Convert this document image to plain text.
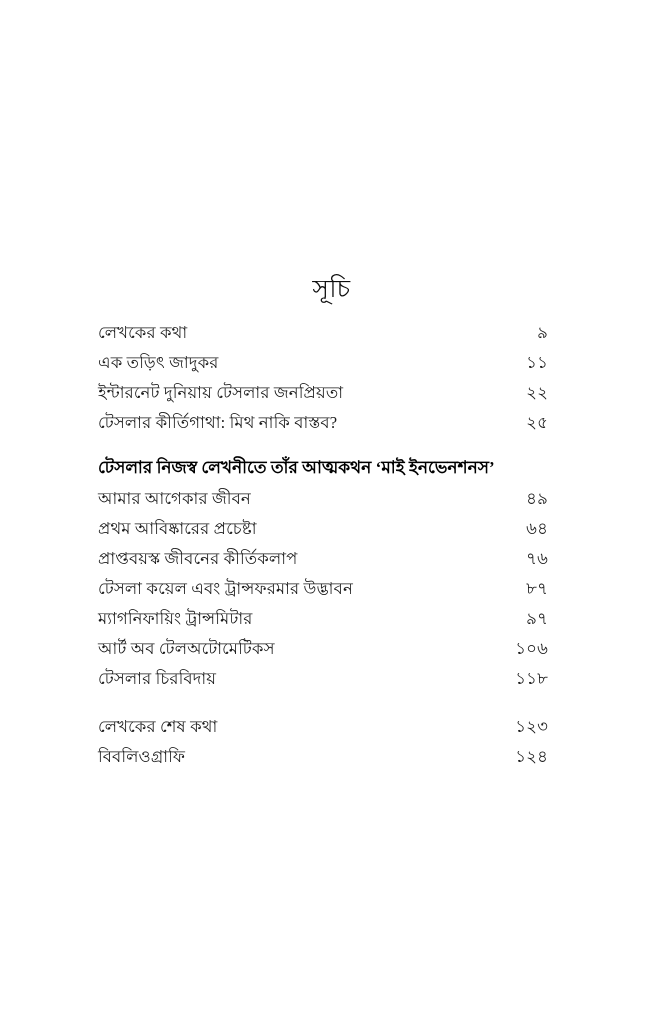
সূচি
লেখকের কথা	৯
এক তড়িৎ জাদুকর	১১
ইন্টারনেট দুনিয়ায় টেসলার জনপ্রিয়তা	২২
টেসলার কীর্তিগাথা: মিথ নাকি বাস্তব?	২৫
টেসলার নিজস্ব লেখনীতে তাঁর আত্মকথন ‘মাই ইনভেনশনস’
আমার আগেকার জীবন	৪৯
প্রথম আবিষ্কারের প্রচেষ্টা	৬৪
প্রাপ্তবয়স্ক জীবনের কীর্তিকলাপ	৭৬
টেসলা কয়েল এবং ট্রান্সফরমার উদ্ভাবন	৮৭
ম্যাগনিফায়িং ট্রান্সমিটার	৯৭
আর্ট অব টেলঅটোমেটিকস	১০৬
টেসলার চিরবিদায়	১১৮
লেখকের শেষ কথা	১২৩
বিবলিওগ্রাফি	১২৪
